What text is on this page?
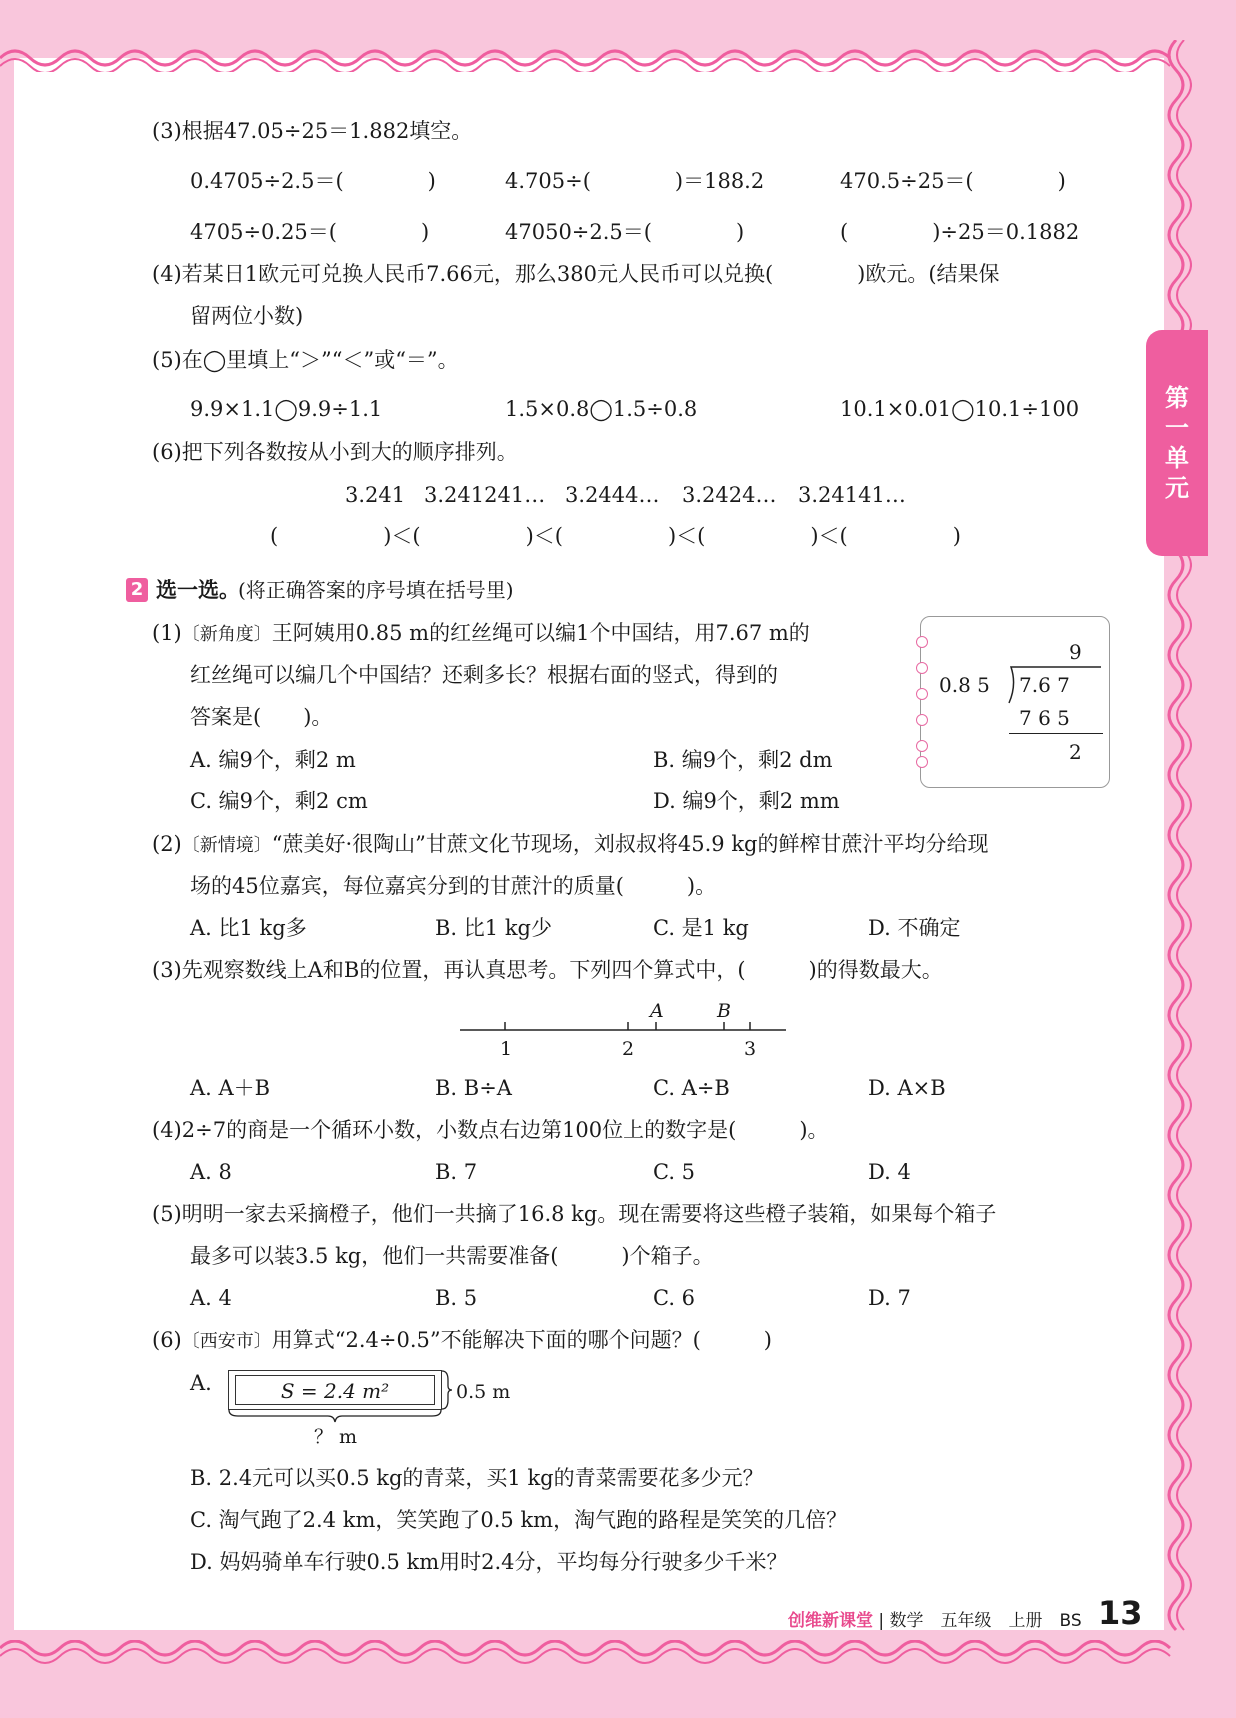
第
一
单
元
(3)根据47.05÷25＝1.882填空。
0.4705÷2.5＝(　　　　)	4.705÷(　　　　)＝188.2	470.5÷25＝(　　　　)
4705÷0.25＝(　　　　)	47050÷2.5＝(　　　　)	(　　　　)÷25＝0.1882
(4)若某日1欧元可兑换人民币7.66元，那么380元人民币可以兑换(　　　　)欧元。(结果保
留两位小数)
(5)在◯里填上“＞”“＜”或“＝”。
9.9×1.1◯9.9÷1.1	1.5×0.8◯1.5÷0.8	10.1×0.01◯10.1÷100
(6)把下列各数按从小到大的顺序排列。
3.241 3.241241… 3.2444… 3.2424… 3.24141…
(　　　　　)＜(　　　　　)＜(　　　　　)＜(　　　　　)＜(　　　　　)
2 选一选。
(将正确答案的序号填在括号里)
(1)〔新角度〕王阿姨用0.85 m的红丝绳可以编1个中国结，用7.67 m的
红丝绳可以编几个中国结？还剩多长？根据右面的竖式，得到的
答案是(　　)。
A. 编9个，剩2 m	B. 编9个，剩2 dm
C. 编9个，剩2 cm	D. 编9个，剩2 mm
9
0.8 5 7.6 7
7 6 5
2
(2)〔新情境〕“蔗美好·很陶山”甘蔗文化节现场，刘叔叔将45.9 kg的鲜榨甘蔗汁平均分给现
场的45位嘉宾，每位嘉宾分到的甘蔗汁的质量(　　　)。
A. 比1 kg多	B. 比1 kg少	C. 是1 kg	D. 不确定
(3)先观察数线上A和B的位置，再认真思考。下列四个算式中，(　　　)的得数最大。
1	2	3
A	B
A. A＋B	B. B÷A	C. A÷B	D. A×B
(4)2÷7的商是一个循环小数，小数点右边第100位上的数字是(　　　)。
A. 8	B. 7	C. 5	D. 4
(5)明明一家去采摘橙子，他们一共摘了16.8 kg。现在需要将这些橙子装箱，如果每个箱子
最多可以装3.5 kg，他们一共需要准备(　　　)个箱子。
A. 4	B. 5	C. 6	D. 7
(6)〔西安市〕用算式“2.4÷0.5”不能解决下面的哪个问题？(　　　)
A.	S = 2.4 m²	0.5 m
？ m
B. 2.4元可以买0.5 kg的青菜，买1 kg的青菜需要花多少元？
C. 淘气跑了2.4 km，笑笑跑了0.5 km，淘气跑的路程是笑笑的几倍？
D. 妈妈骑单车行驶0.5 km用时2.4分，平均每分行驶多少千米？
创维新课堂 | 数学　五年级　上册　BS 13
